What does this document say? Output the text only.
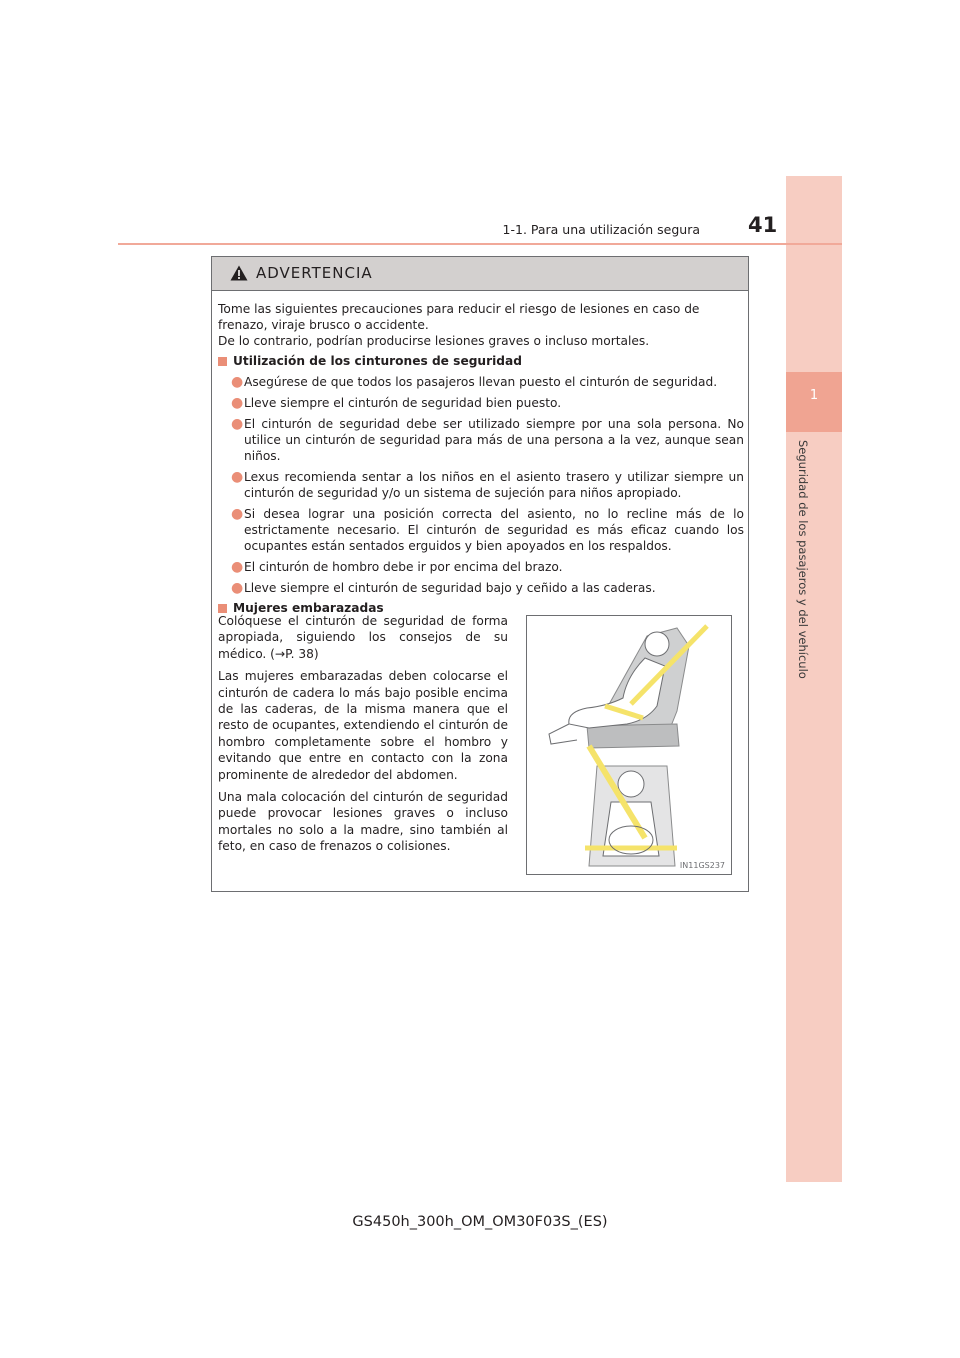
1
Seguridad de los pasajeros y del vehículo
1-1. Para una utilización segura 41
ADVERTENCIA

Tome las siguientes precauciones para reducir el riesgo de lesiones en caso de frenazo, viraje brusco o accidente.

De lo contrario, podrían producirse lesiones graves o incluso mortales.

Utilización de los cinturones de seguridad
● Asegúrese de que todos los pasajeros llevan puesto el cinturón de seguridad.
● Lleve siempre el cinturón de seguridad bien puesto.
● El cinturón de seguridad debe ser utilizado siempre por una sola persona. No utilice un cinturón de seguridad para más de una persona a la vez, aunque sean niños.
● Lexus recomienda sentar a los niños en el asiento trasero y utilizar siempre un cinturón de seguridad y/o un sistema de sujeción para niños apropiado.
● Si desea lograr una posición correcta del asiento, no lo recline más de lo estrictamente necesario. El cinturón de seguridad es más eficaz cuando los ocupantes están sentados erguidos y bien apoyados en los respaldos.
● El cinturón de hombro debe ir por encima del brazo.
● Lleve siempre el cinturón de seguridad bajo y ceñido a las caderas.
Mujeres embarazadas

Colóquese el cinturón de seguridad de forma apropiada, siguiendo los consejos de su médico. (→P. 38)

Las mujeres embarazadas deben colocarse el cinturón de cadera lo más bajo posible encima de las caderas, de la misma manera que el resto de ocupantes, extendiendo el cinturón de hombro completamente sobre el hombro y evitando que entre en contacto con la zona prominente de alrededor del abdomen.

Una mala colocación del cinturón de seguridad puede provocar lesiones graves o incluso mortales no solo a la madre, sino también al feto, en caso de frenazos o colisiones.

IN11GS237
GS450h_300h_OM_OM30F03S_(ES)
